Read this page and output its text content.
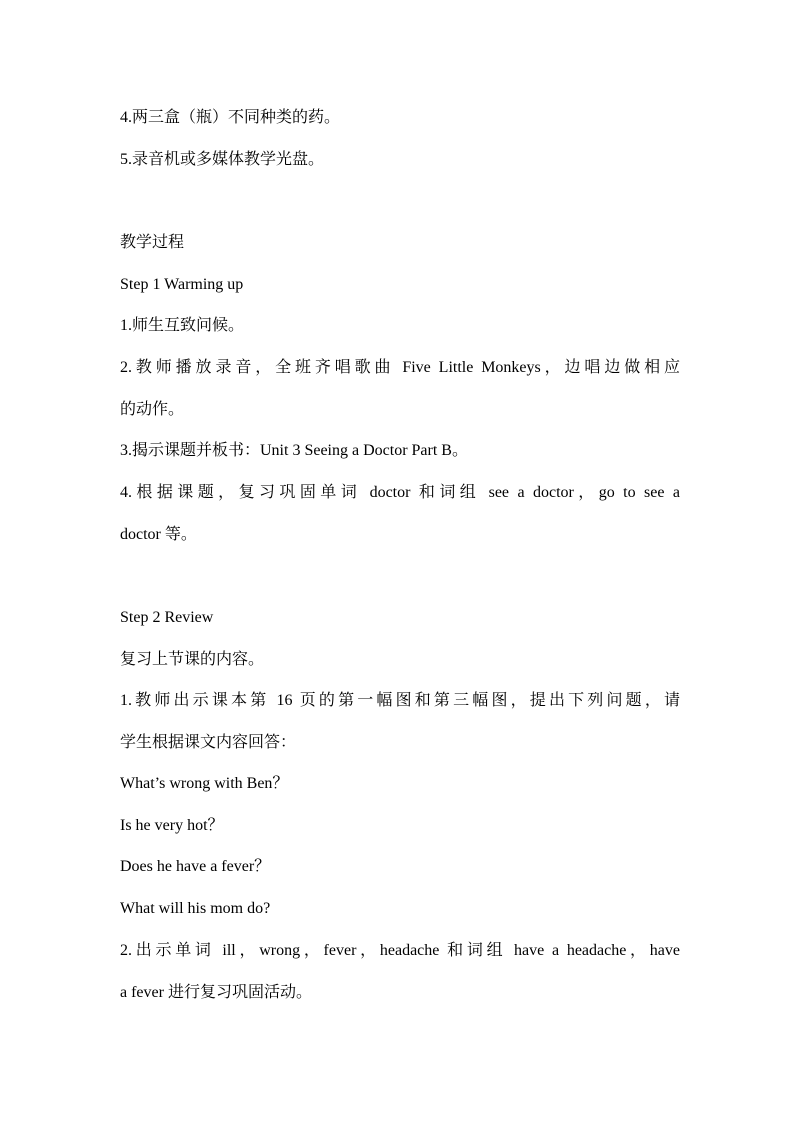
4.两三盒（瓶）不同种类的药。
5.录音机或多媒体教学光盘。
教学过程
Step 1 Warming up
1.师生互致问候。
2.教师播放录音，全班齐唱歌曲 Five Little Monkeys，边唱边做相应
的动作。
3.揭示课题并板书：Unit 3 Seeing a Doctor Part B。
4.根据课题，复习巩固单词 doctor 和词组 see a doctor，go to see a
doctor 等。
Step 2 Review
复习上节课的内容。
1.教师出示课本第 16 页的第一幅图和第三幅图，提出下列问题，请
学生根据课文内容回答：
What’s wrong with Ben？
Is he very hot？
Does he have a fever？
What will his mom do?
2.出示单词 ill，wrong，fever，headache 和词组 have a headache，have
a fever 进行复习巩固活动。
